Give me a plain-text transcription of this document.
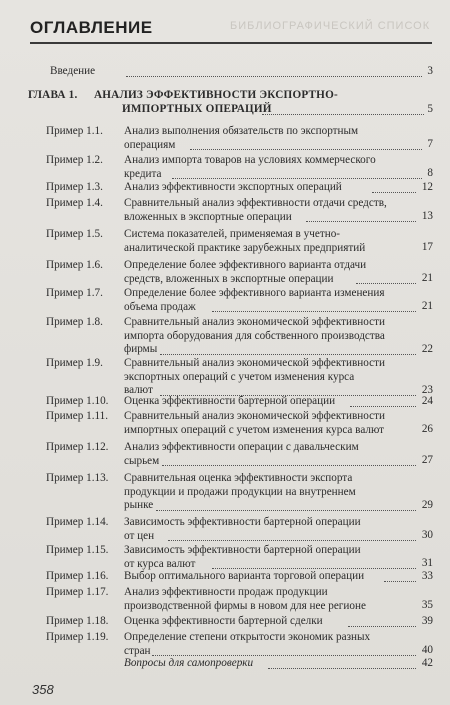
БИБЛИОГРАФИЧЕСКИЙ СПИСОК
ОГЛАВЛЕНИЕ
Введение	3
ГЛАВА 1. АНАЛИЗ ЭФФЕКТИВНОСТИ ЭКСПОРТНО-
ИМПОРТНЫХ ОПЕРАЦИЙ	5
Пример 1.1. Анализ выполнения обязательств по экспортным
операциям	7
Пример 1.2. Анализ импорта товаров на условиях коммерческого
кредита	8
Пример 1.3. Анализ эффективности экспортных операций	12
Пример 1.4. Сравнительный анализ эффективности отдачи средств,
вложенных в экспортные операции	13
Пример 1.5. Система показателей, применяемая в учетно-
аналитической практике зарубежных предприятий	17
Пример 1.6. Определение более эффективного варианта отдачи
средств, вложенных в экспортные операции	21
Пример 1.7. Определение более эффективного варианта изменения
объема продаж	21
Пример 1.8. Сравнительный анализ экономической эффективности
импорта оборудования для собственного производства
фирмы	22
Пример 1.9. Сравнительный анализ экономической эффективности
экспортных операций с учетом изменения курса
валют	23
Пример 1.10. Оценка эффективности бартерной операции	24
Пример 1.11. Сравнительный анализ экономической эффективности
импортных операций с учетом изменения курса валют	26
Пример 1.12. Анализ эффективности операции с давальческим
сырьем	27
Пример 1.13. Сравнительная оценка эффективности экспорта
продукции и продажи продукции на внутреннем
рынке	29
Пример 1.14. Зависимость эффективности бартерной операции
от цен	30
Пример 1.15. Зависимость эффективности бартерной операции
от курса валют	31
Пример 1.16. Выбор оптимального варианта торговой операции	33
Пример 1.17. Анализ эффективности продаж продукции
производственной фирмы в новом для нее регионе	35
Пример 1.18. Оценка эффективности бартерной сделки	39
Пример 1.19. Определение степени открытости экономик разных
стран	40
Вопросы для самопроверки	42
358
